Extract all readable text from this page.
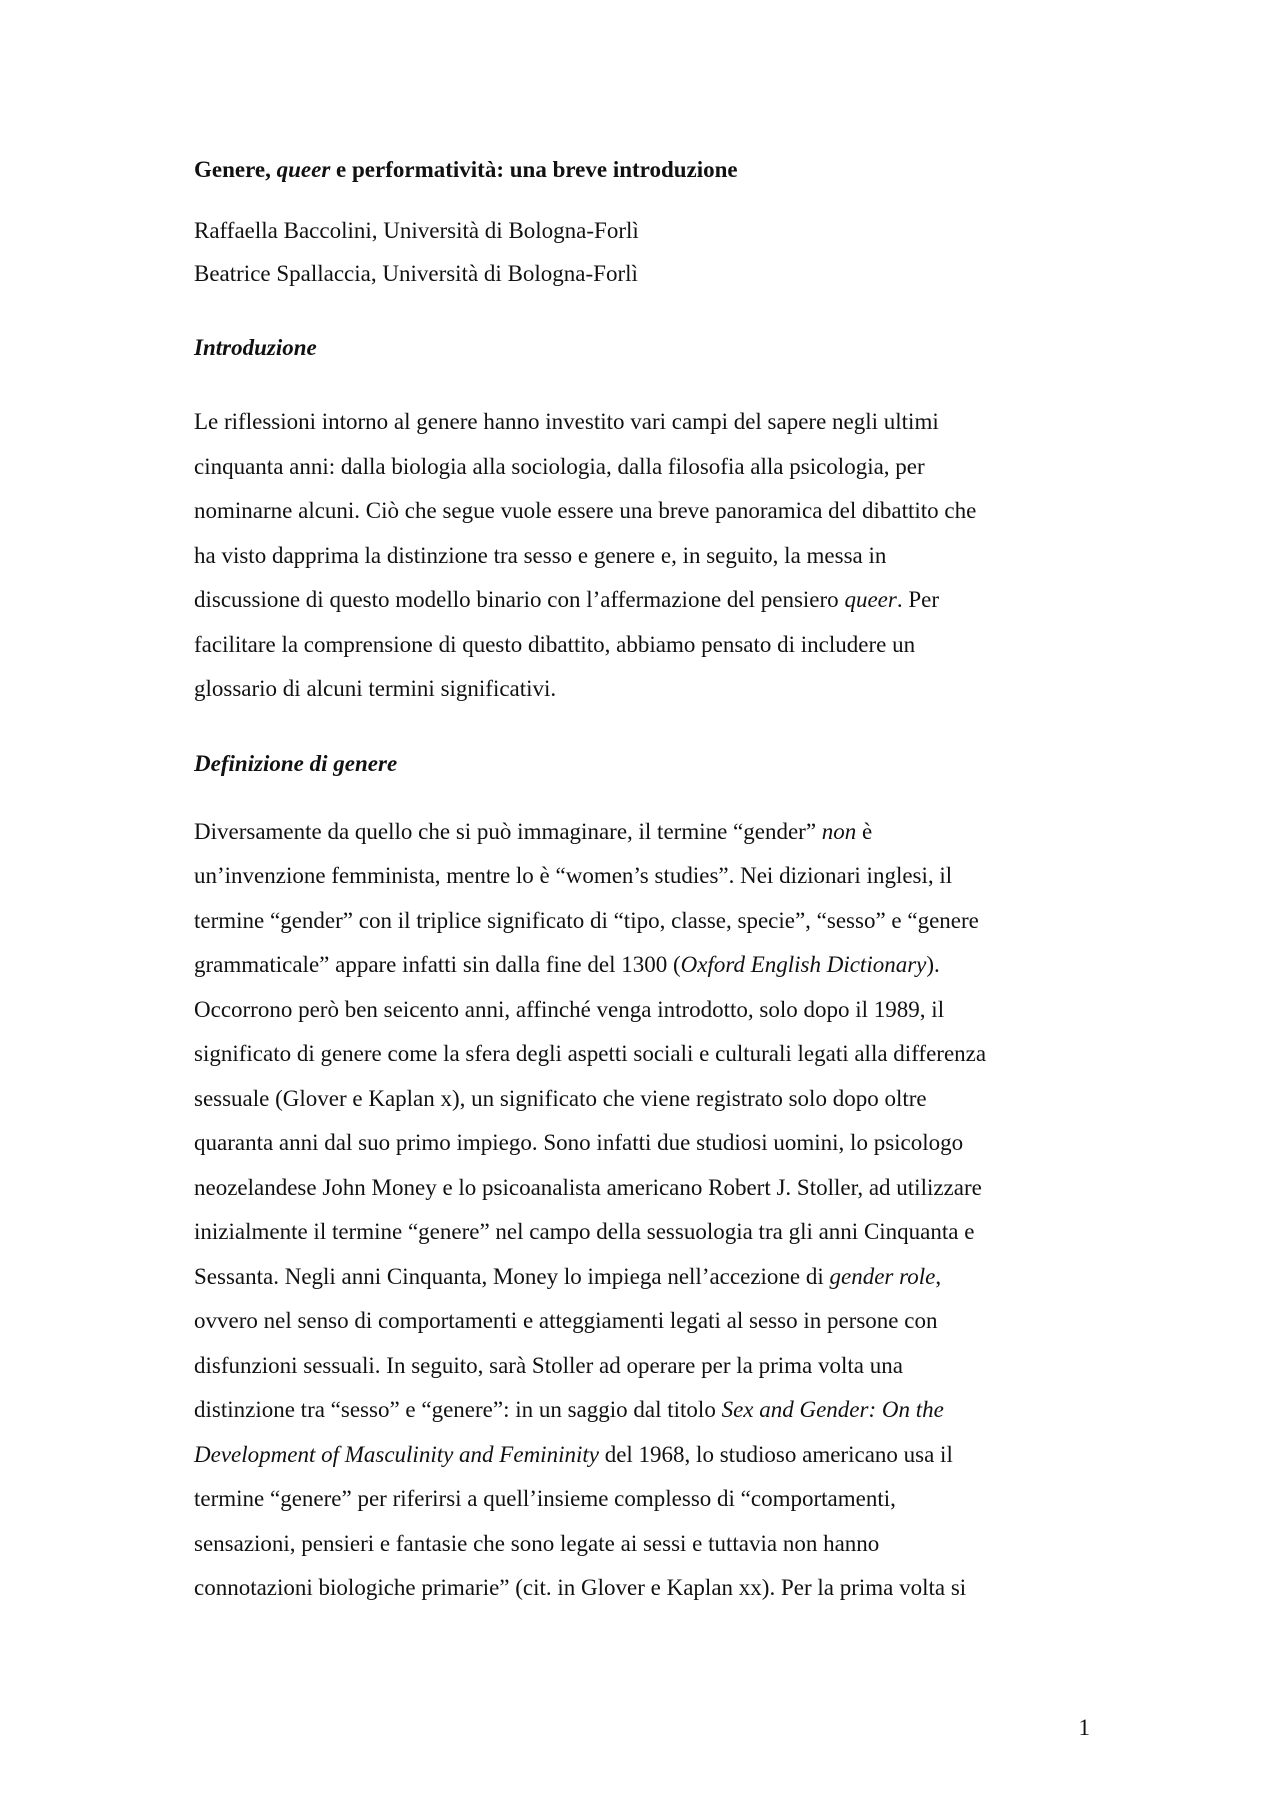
Genere, queer e performatività: una breve introduzione

Raffaella Baccolini, Università di Bologna-Forlì

Beatrice Spallaccia, Università di Bologna-Forlì

Introduzione

Le riflessioni intorno al genere hanno investito vari campi del sapere negli ultimi
cinquanta anni: dalla biologia alla sociologia, dalla filosofia alla psicologia, per
nominarne alcuni. Ciò che segue vuole essere una breve panoramica del dibattito che
ha visto dapprima la distinzione tra sesso e genere e, in seguito, la messa in
discussione di questo modello binario con l’affermazione del pensiero queer. Per
facilitare la comprensione di questo dibattito, abbiamo pensato di includere un
glossario di alcuni termini significativi.

Definizione di genere

Diversamente da quello che si può immaginare, il termine “gender” non è
un’invenzione femminista, mentre lo è “women’s studies”. Nei dizionari inglesi, il
termine “gender” con il triplice significato di “tipo, classe, specie”, “sesso” e “genere
grammaticale” appare infatti sin dalla fine del 1300 (Oxford English Dictionary).
Occorrono però ben seicento anni, affinché venga introdotto, solo dopo il 1989, il
significato di genere come la sfera degli aspetti sociali e culturali legati alla differenza
sessuale (Glover e Kaplan x), un significato che viene registrato solo dopo oltre
quaranta anni dal suo primo impiego. Sono infatti due studiosi uomini, lo psicologo
neozelandese John Money e lo psicoanalista americano Robert J. Stoller, ad utilizzare
inizialmente il termine “genere” nel campo della sessuologia tra gli anni Cinquanta e
Sessanta. Negli anni Cinquanta, Money lo impiega nell’accezione di gender role,
ovvero nel senso di comportamenti e atteggiamenti legati al sesso in persone con
disfunzioni sessuali. In seguito, sarà Stoller ad operare per la prima volta una
distinzione tra “sesso” e “genere”: in un saggio dal titolo Sex and Gender: On the
Development of Masculinity and Femininity del 1968, lo studioso americano usa il
termine “genere” per riferirsi a quell’insieme complesso di “comportamenti,
sensazioni, pensieri e fantasie che sono legate ai sessi e tuttavia non hanno
connotazioni biologiche primarie” (cit. in Glover e Kaplan xx). Per la prima volta si

1
